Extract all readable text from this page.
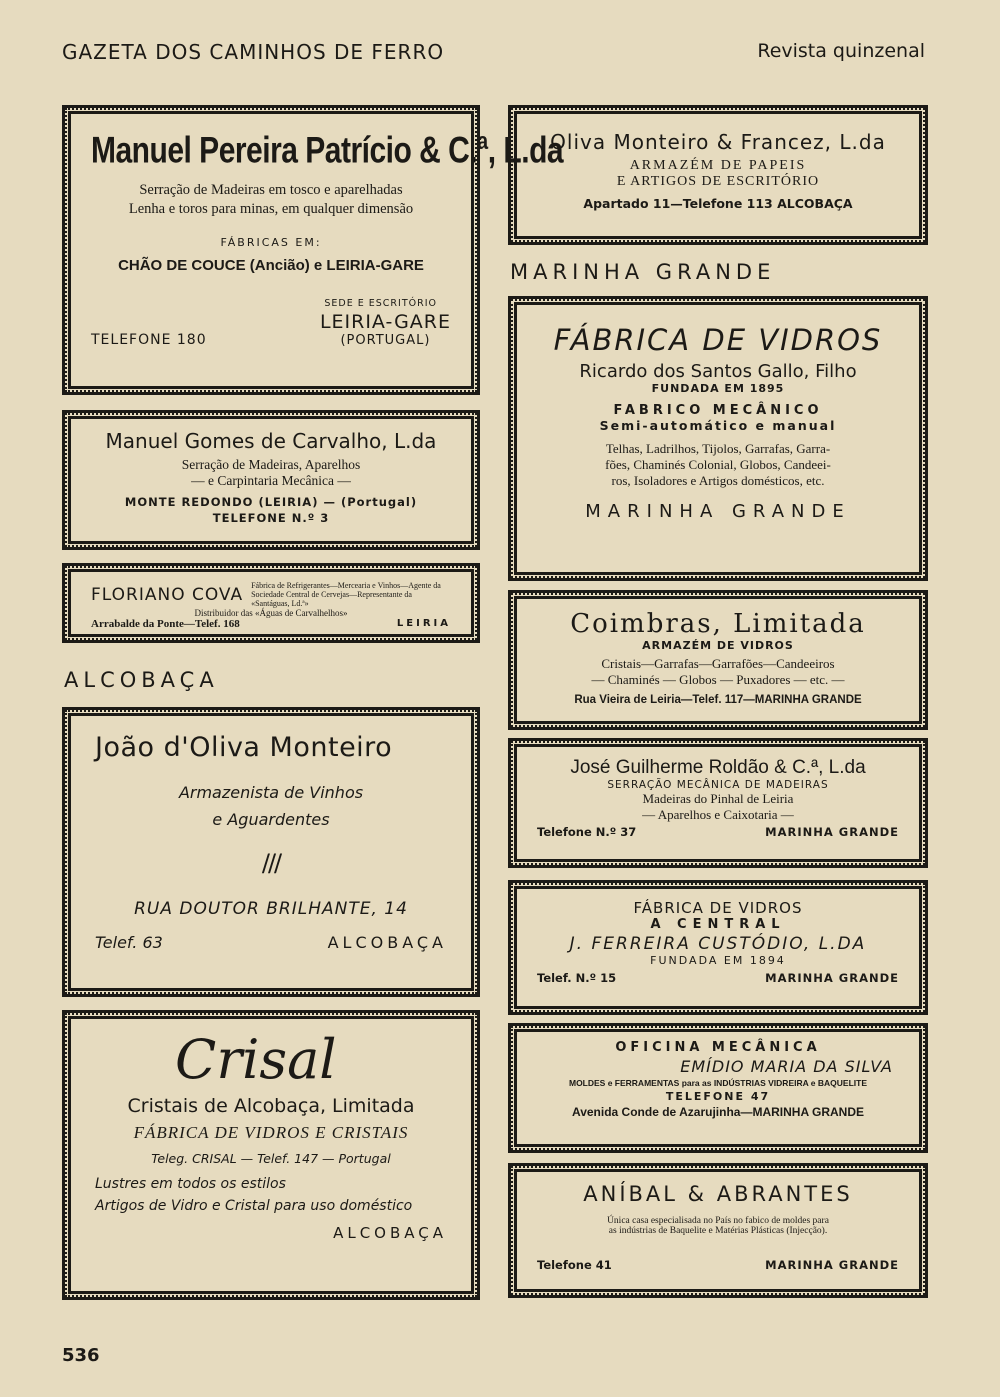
GAZETA DOS CAMINHOS DE FERRO	Revista quinzenal
Manuel Pereira Patrício & C.ª, L.da
Serração de Madeiras em tosco e aparelhadas
Lenha e toros para minas, em qualquer dimensão
FÁBRICAS EM:
CHÃO DE COUCE (Ancião) e LEIRIA-GARE
SEDE E ESCRITÓRIO
TELEFONE 180
LEIRIA-GARE
(PORTUGAL)
Manuel Gomes de Carvalho, L.da
Serração de Madeiras, Aparelhos
— e Carpintaria Mecânica —
MONTE REDONDO (LEIRIA) — (Portugal)
TELEFONE N.º 3
FLORIANO COVA Fábrica de Refrigerantes—Mercearia e Vinhos—Agente da Sociedade Central de Cervejas—Representante da «Santáguas, Ld.ª»
Distribuidor das «Águas de Carvalhelhos»
Arrabalde da Ponte—Telef. 168	LEIRIA
ALCOBAÇA
João d'Oliva Monteiro
Armazenista de Vinhos
e Aguardentes
///
RUA DOUTOR BRILHANTE, 14
Telef. 63	ALCOBAÇA
Crisal
Cristais de Alcobaça, Limitada
FÁBRICA DE VIDROS E CRISTAIS
Teleg. CRISAL — Telef. 147 — Portugal
Lustres em todos os estilos
Artigos de Vidro e Cristal para uso doméstico
ALCOBAÇA
Oliva Monteiro & Francez, L.da
ARMAZÉM DE PAPEIS
E ARTIGOS DE ESCRITÓRIO
Apartado 11—Telefone 113 ALCOBAÇA
MARINHA GRANDE
FÁBRICA DE VIDROS
Ricardo dos Santos Gallo, Filho
FUNDADA EM 1895
FABRICO MECÂNICO
Semi-automático e manual
Telhas, Ladrilhos, Tijolos, Garrafas, Garra-
fões, Chaminés Colonial, Globos, Candeei-
ros, Isoladores e Artigos domésticos, etc.
MARINHA GRANDE
Coimbras, Limitada
ARMAZÉM DE VIDROS
Cristais—Garrafas—Garrafões—Candeeiros
— Chaminés — Globos — Puxadores — etc. —
Rua Vieira de Leiria—Telef. 117—MARINHA GRANDE
José Guilherme Roldão & C.ª, L.da
SERRAÇÃO MECÂNICA DE MADEIRAS
Madeiras do Pinhal de Leiria
— Aparelhos e Caixotaria —
Telefone N.º 37	MARINHA GRANDE
FÁBRICA DE VIDROS
A CENTRAL
J. FERREIRA CUSTÓDIO, L.DA
FUNDADA EM 1894
Telef. N.º 15	MARINHA GRANDE
OFICINA MECÂNICA
EMÍDIO MARIA DA SILVA
MOLDES e FERRAMENTAS para as INDÚSTRIAS VIDREIRA e BAQUELITE
TELEFONE 47
Avenida Conde de Azarujinha—MARINHA GRANDE
ANÍBAL & ABRANTES
Única casa especialisada no País no fabico de moldes para
as indústrias de Baquelite e Matérias Plásticas (Injecção).
Telefone 41	MARINHA GRANDE
536
